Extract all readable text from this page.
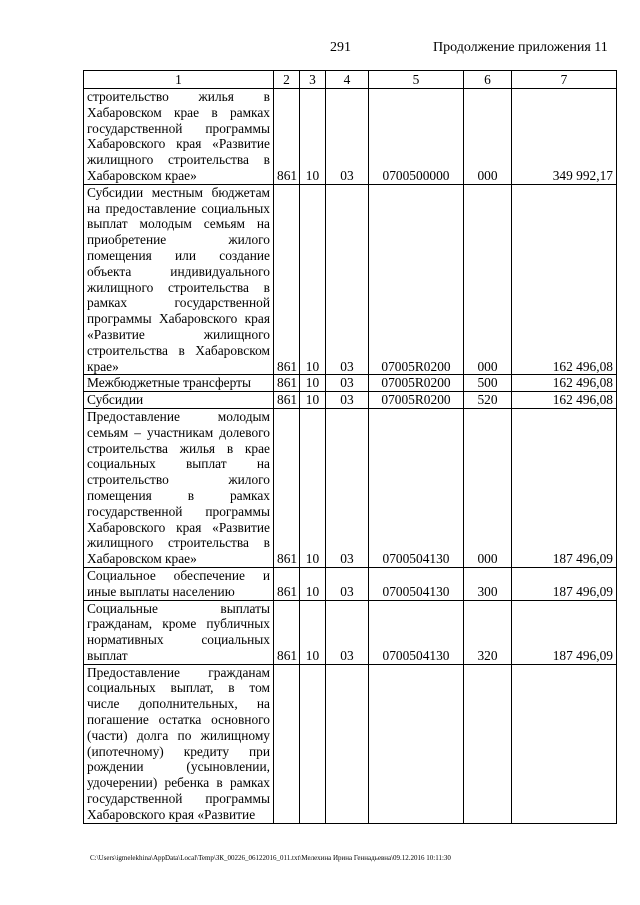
291	Продолжение приложения 11
1	2	3	4	5	6	7
строительство жилья в Хабаровском крае в рамках государственной программы Хабаровского края «Развитие жилищного строительства в Хабаровском крае»	861	10	03	0700500000	000	349 992,17
Субсидии местным бюджетам на предоставление социальных выплат молодым семьям на приобретение жилого помещения или создание объекта индивидуального жилищного строительства в рамках государственной программы Хабаровского края «Развитие жилищного строительства в Хабаровском крае»	861	10	03	07005R0200	000	162 496,08
Межбюджетные трансферты	861	10	03	07005R0200	500	162 496,08
Субсидии	861	10	03	07005R0200	520	162 496,08
Предоставление молодым семьям – участникам долевого строительства жилья в крае социальных выплат на строительство жилого помещения в рамках государственной программы Хабаровского края «Развитие жилищного строительства в Хабаровском крае»	861	10	03	0700504130	000	187 496,09
Социальное обеспечение и иные выплаты населению	861	10	03	0700504130	300	187 496,09
Социальные выплаты гражданам, кроме публичных нормативных социальных выплат	861	10	03	0700504130	320	187 496,09
Предоставление гражданам социальных выплат, в том числе дополнительных, на погашение остатка основного (части) долга по жилищному (ипотечному) кредиту при рождении (усыновлении, удочерении) ребенка в рамках государственной программы Хабаровского края «Развитие						
C:\Users\igmelekhina\AppData\Local\Temp\ЗК_00226_06122016_011.txt\Мелехина Ирина Геннадьевна\09.12.2016 10:11:30
